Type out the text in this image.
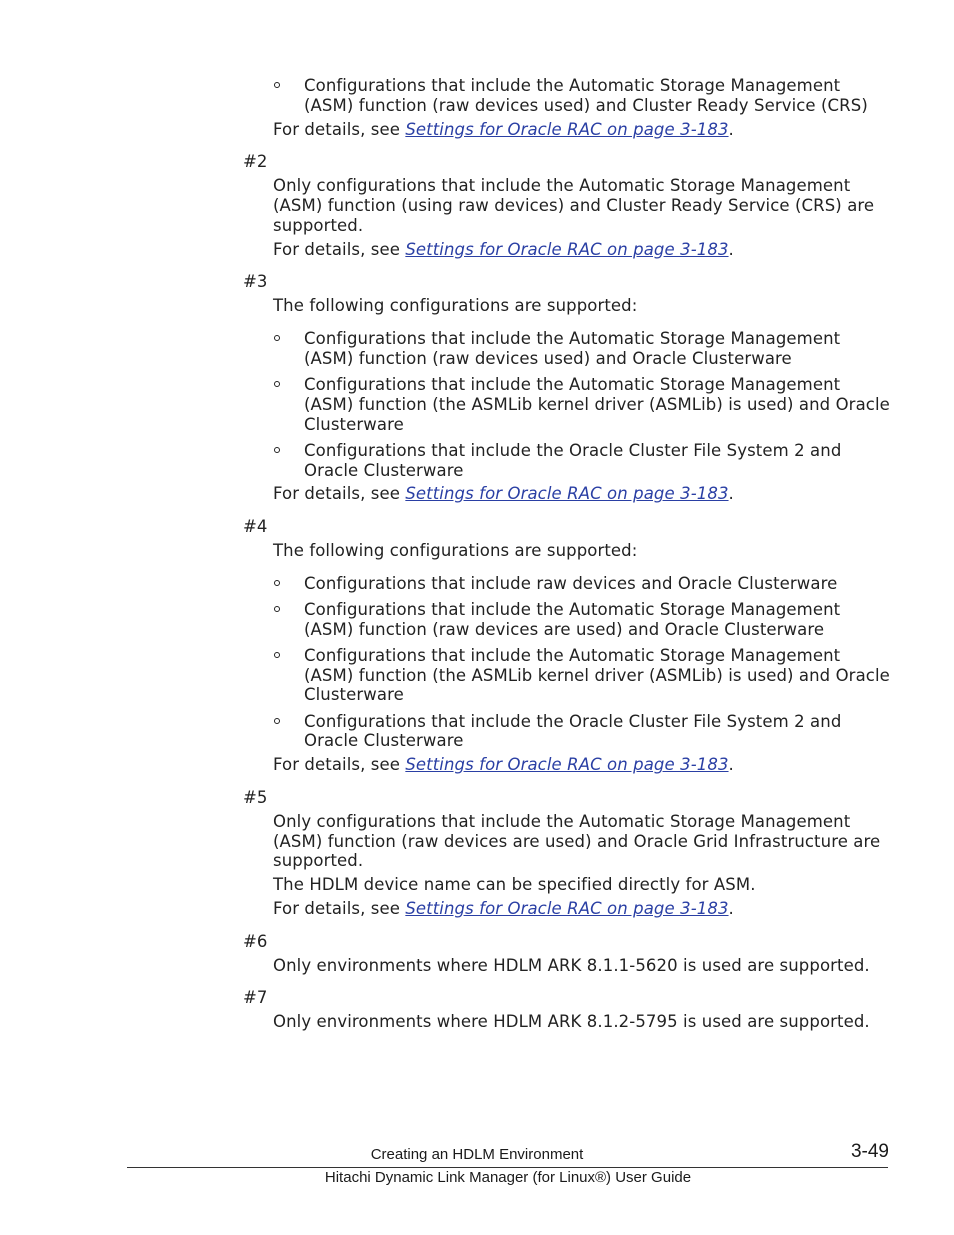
Configurations that include the Automatic Storage Management (ASM) function (raw devices used) and Cluster Ready Service (CRS)

For details, see Settings for Oracle RAC on page 3-183.

#2

Only configurations that include the Automatic Storage Management (ASM) function (using raw devices) and Cluster Ready Service (CRS) are supported.

For details, see Settings for Oracle RAC on page 3-183.

#3

The following configurations are supported:

Configurations that include the Automatic Storage Management (ASM) function (raw devices used) and Oracle Clusterware
Configurations that include the Automatic Storage Management (ASM) function (the ASMLib kernel driver (ASMLib) is used) and Oracle Clusterware
Configurations that include the Oracle Cluster File System 2 and Oracle Clusterware

For details, see Settings for Oracle RAC on page 3-183.

#4

The following configurations are supported:

Configurations that include raw devices and Oracle Clusterware
Configurations that include the Automatic Storage Management (ASM) function (raw devices are used) and Oracle Clusterware
Configurations that include the Automatic Storage Management (ASM) function (the ASMLib kernel driver (ASMLib) is used) and Oracle Clusterware
Configurations that include the Oracle Cluster File System 2 and Oracle Clusterware

For details, see Settings for Oracle RAC on page 3-183.

#5

Only configurations that include the Automatic Storage Management (ASM) function (raw devices are used) and Oracle Grid Infrastructure are supported.

The HDLM device name can be specified directly for ASM.

For details, see Settings for Oracle RAC on page 3-183.

#6

Only environments where HDLM ARK 8.1.1-5620 is used are supported.

#7

Only environments where HDLM ARK 8.1.2-5795 is used are supported.

Creating an HDLM Environment	3-49
Hitachi Dynamic Link Manager (for Linux®) User Guide
